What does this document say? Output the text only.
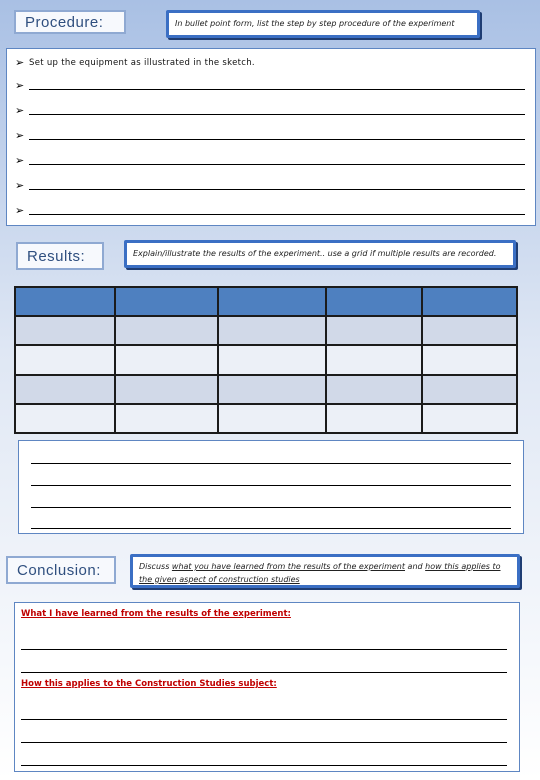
Procedure:	In bullet point form, list the step by step procedure of the experiment
➢ Set up the equipment as illustrated in the sketch.
➢
➢
➢
➢
➢
➢
Results:	Explain/illustrate the results of the experiment.. use a grid if multiple results are recorded.

Conclusion:	Discuss what you have learned from the results of the experiment and how this applies to the given aspect of construction studies
What I have learned from the results of the experiment:
How this applies to the Construction Studies subject:
